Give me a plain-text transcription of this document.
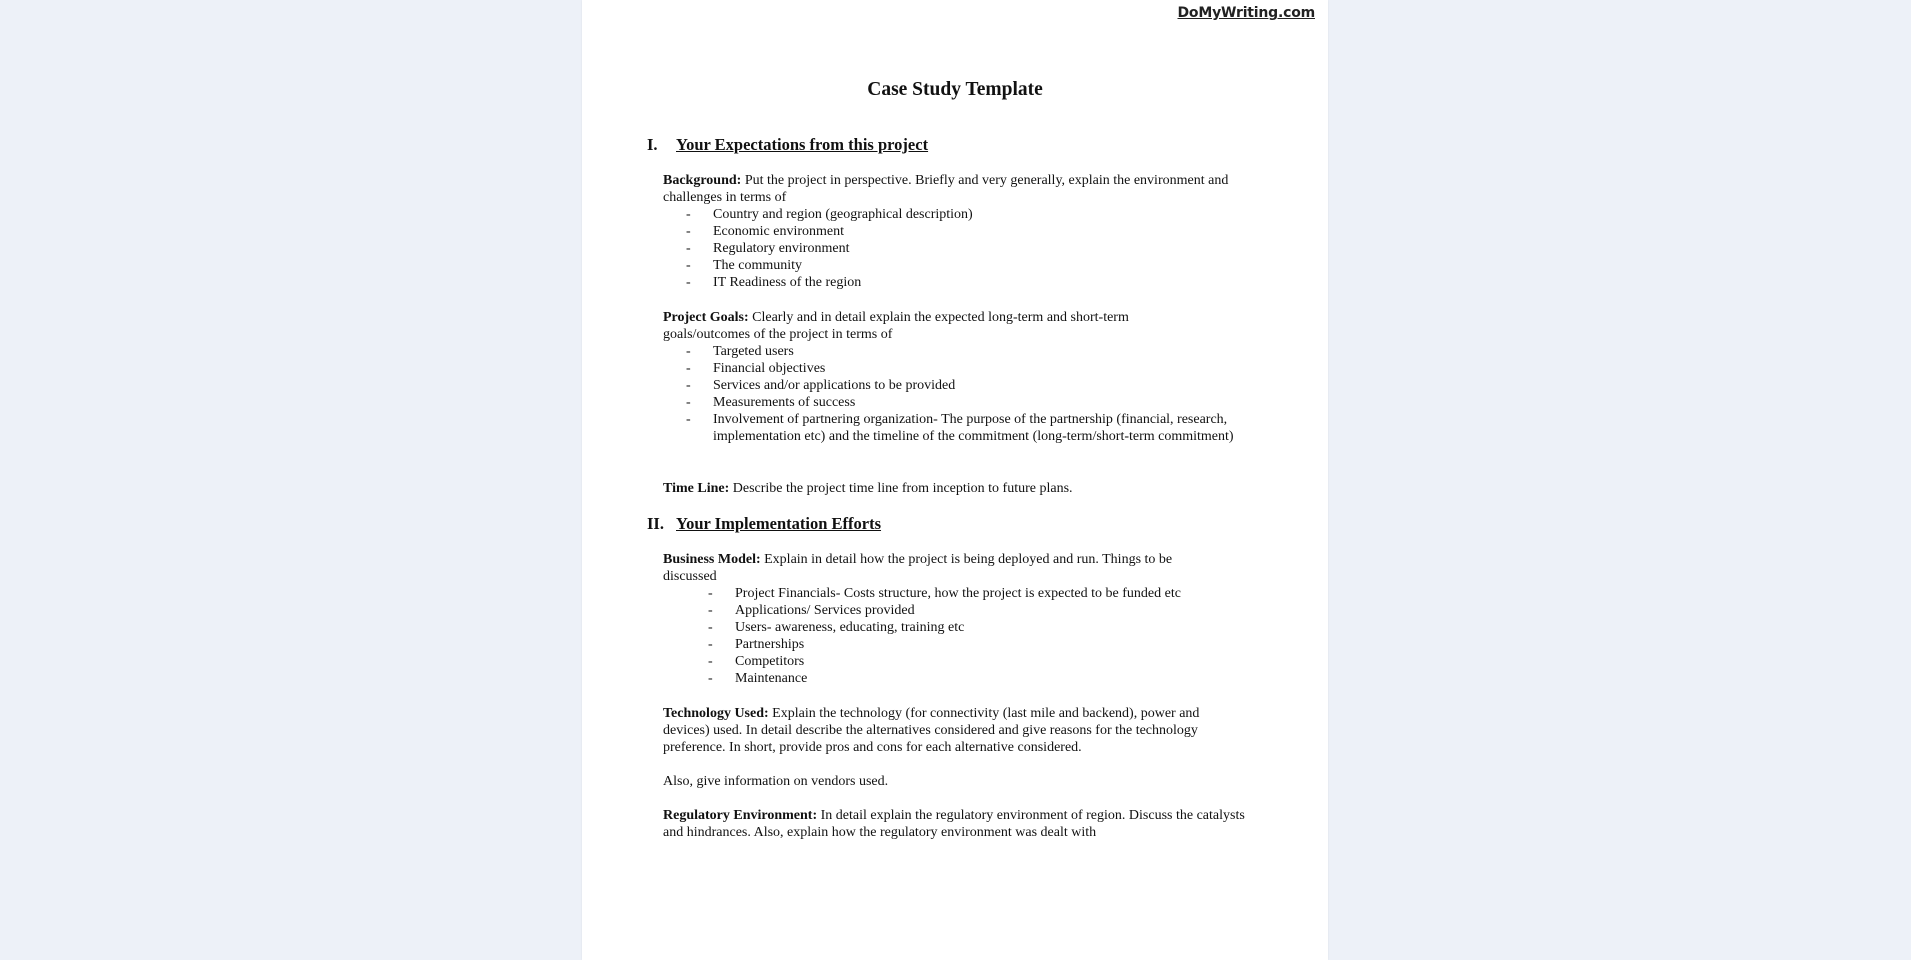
DoMyWriting.com
Case Study Template
I. Your Expectations from this project
Background: Put the project in perspective. Briefly and very generally, explain the environment and challenges in terms of
- Country and region (geographical description)
- Economic environment
- Regulatory environment
- The community
- IT Readiness of the region
Project Goals: Clearly and in detail explain the expected long-term and short-term goals/outcomes of the project in terms of
- Targeted users
- Financial objectives
- Services and/or applications to be provided
- Measurements of success
- Involvement of partnering organization- The purpose of the partnership (financial, research, implementation etc) and the timeline of the commitment (long-term/short-term commitment)
Time Line: Describe the project time line from inception to future plans.
II. Your Implementation Efforts
Business Model: Explain in detail how the project is being deployed and run. Things to be discussed
- Project Financials- Costs structure, how the project is expected to be funded etc
- Applications/ Services provided
- Users- awareness, educating, training etc
- Partnerships
- Competitors
- Maintenance
Technology Used: Explain the technology (for connectivity (last mile and backend), power and devices) used. In detail describe the alternatives considered and give reasons for the technology preference. In short, provide pros and cons for each alternative considered.
Also, give information on vendors used.
Regulatory Environment: In detail explain the regulatory environment of region. Discuss the catalysts and hindrances. Also, explain how the regulatory environment was dealt with
